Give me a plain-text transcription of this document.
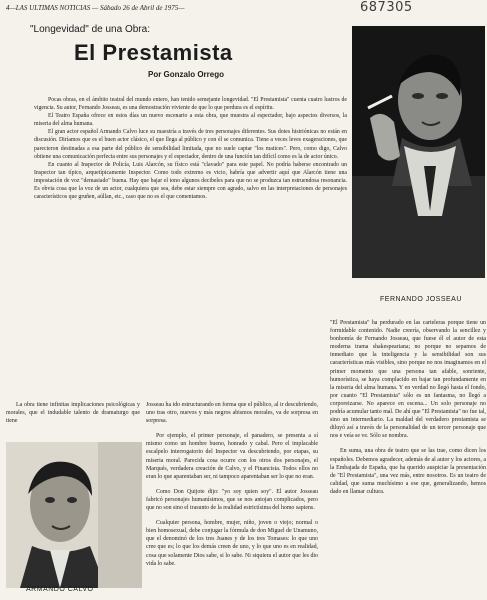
4—LAS ULTIMAS NOTICIAS — Sábado 26 de Abril de 1975—	687305
"Longevidad" de una Obra:
El Prestamista
Por Gonzalo Orrego

Pocas obras, en el ámbito teatral del mundo entero, han tenido semejante longevidad. "El Prestamista" cuenta cuatro lustros de vigencia. Su autor, Fernando Josseau, es una demostración viviente de que lo que perdura es el espíritu.

El Teatro España ofrece en estos días un nuevo escenario a esta obra, que muestra al espectador, bajo aspectos diversos, la miseria del alma humana.

El gran actor español Armando Calvo luce su maestría a través de tres personajes diferentes. Sus dotes histriónicas no están en discusión. Diríamos que es el buen actor clásico, el que llega al público y con él se comunica. Tiene a veces leves exageraciones, que parecieron destinadas a esa parte del público de sensibilidad limitada, que no suele captar "los matices". Pero, como digo, Calvo obtiene una comunicación perfecta entre sus personajes y el espectador, dentro de una función tan difícil como es la de actor único.

En cuanto al Inspector de Policía, Luis Alarcón, su físico está "clavado" para este papel. No podría haberse encontrado un Inspector tan típico, arquetípicamente Inspector. Como todo extremo es vicio, habría que advertir aquí que Alarcón tiene una impostación de voz "demasiado" buena. Hay que bajar el tono algunos decibeles para que no se produzca tan estruendosa resonancia. Es obvia cosa que la voz de un actor, cualquiera que sea, debe estar siempre con agrado, salvo en las interpretaciones de personajes característicos que gruñen, aúllan, etc., caso que no es el que comentamos.

FERNANDO JOSSEAU

La obra tiene infinitas implicaciones psicológicas y morales, que el indudable talento de dramaturgo que tiene

ARMANDO CALVO

Josseau ha ido estructurando en forma que el público, al ir descubriendo, uno tras otro, nuevos y más negros abismos morales, va de sorpresa en sorpresa.

Por ejemplo, el primer personaje, el panadero, se presenta a sí mismo como un hombre bueno, honrado y cabal. Pero el implacable escalpelo interrogatorio del Inspector va descubriendo, por etapas, su miseria moral. Parecida cosa ocurre con los otros dos personajes, el Marqués, verdadera creación de Calvo, y el Financista. Todos ellos no eran lo que aparentaban ser, ni tampoco aparentaban ser lo que no eran.

Como Don Quijote dijo: "yo soy quien soy". El autor Josseau fabricó personajes humanísimos, que se nos antojan complicados, pero que no son sino el trasunto de la realidad estrictísima del homo sapiens.

Cualquier persona, hombre, mujer, niño, joven o viejo; normal o bien homosexual, debe conjugar la fórmula de don Miguel de Unamuno, que el denominó de los tres Juanes y de los tres Tomases: lo que uno cree que es; lo que los demás creen de uno, y lo que uno es en realidad, cosa que solamente Dios sabe, si lo sabe. Ni siquiera el autor que les dio vida lo sabe.

"El Prestamista" ha perdurado en las carteleras porque tiene un formidable contenido. Nadie creería, observando la sencillez y bonhomía de Fernando Josseau, que fuese él el autor de esta moderna trama shakespeariana; no porque no sepamos de inmediato que la inteligencia y la sensibilidad son sus características más visibles, sino porque no nos imaginamos en el primer momento que una persona tan afable, sonriente, humorística, se haya complacido en bajar tan profundamente en la miseria del alma humana. Y en verdad no llegó hasta el fondo, por cuanto "El Prestamista" sólo es un fantasma, no llegó a corporeizarse. No aparece en escena... Un solo personaje no podría acumular tanto mal. De ahí que "El Prestamista" no fue tal, sino un intermediario. La maldad del verdadero prestamista se diluyó así a través de la personalidad de un tercer personaje que nos e veía se ve. Sólo se nombra.

En suma, una obra de teatro que se las trae, como dicen los españoles. Debemos agradecer, además de al autor y los actores, a la Embajada de España, que ha querido auspiciar la presentación de "El Prestamista", una vez más, entre nosotros. Es un teatro de calidad, que suma muchísimo a ese que, generalizando, hemos dado en llamar cultura.
